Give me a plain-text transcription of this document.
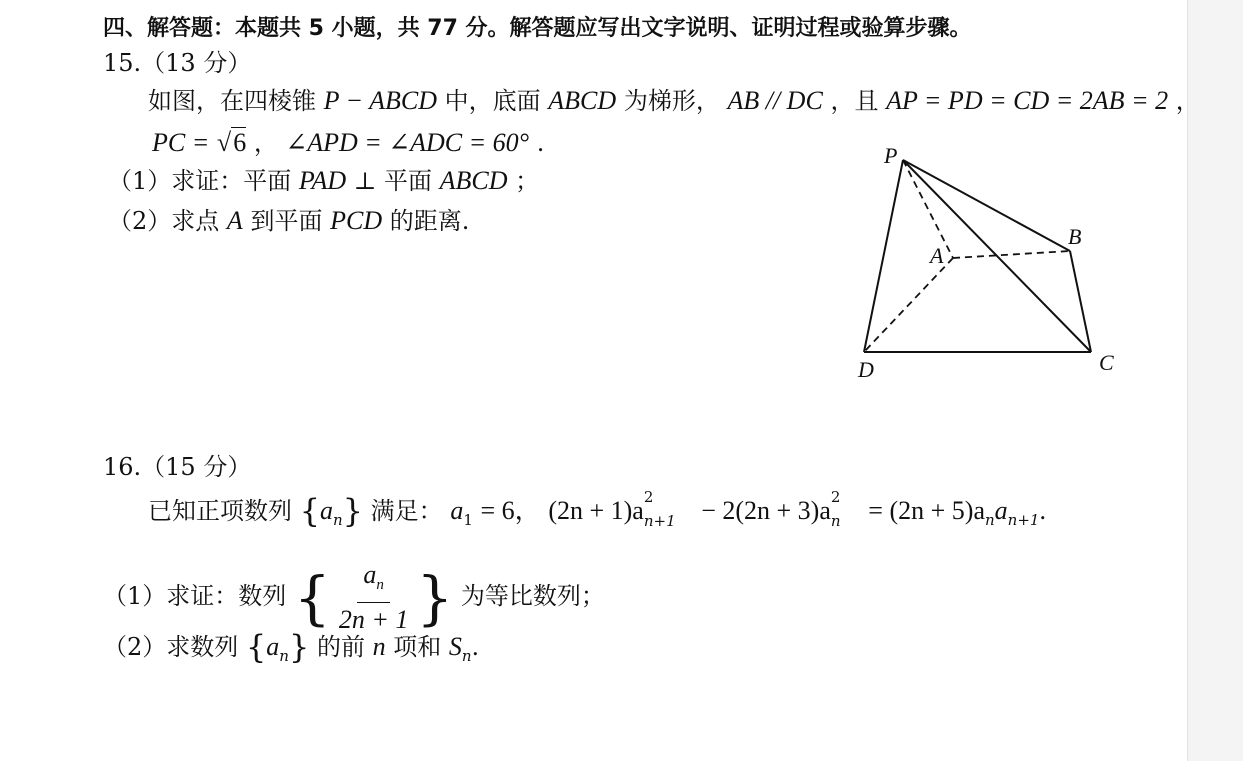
四、解答题：本题共 5 小题，共 77 分。解答题应写出文字说明、证明过程或验算步骤。
15.（13 分）
如图，在四棱锥 P − ABCD 中，底面 ABCD 为梯形， AB // DC ，且 AP = PD = CD = 2AB = 2 ，
PC = √6 ， ∠APD = ∠ADC = 60° .
（1）求证：平面 PAD ⊥ 平面 ABCD ；
（2）求点 A 到平面 PCD 的距离.
P
A
B
C
D
16.（15 分）
已知正项数列 $\{a_n\}$ 满足： $a_1 = 6$， (2n + 1)a 2
n+1 − 2(2n + 3)a 2
$n = (2n + 5)a_na_{n+1}$.
（1）求证：数列 { $\frac{a_n}{2n + 1}$ } 为等比数列；
（2）求数列 $\{a_n\}$ 的前 n 项和 $S_n$.
